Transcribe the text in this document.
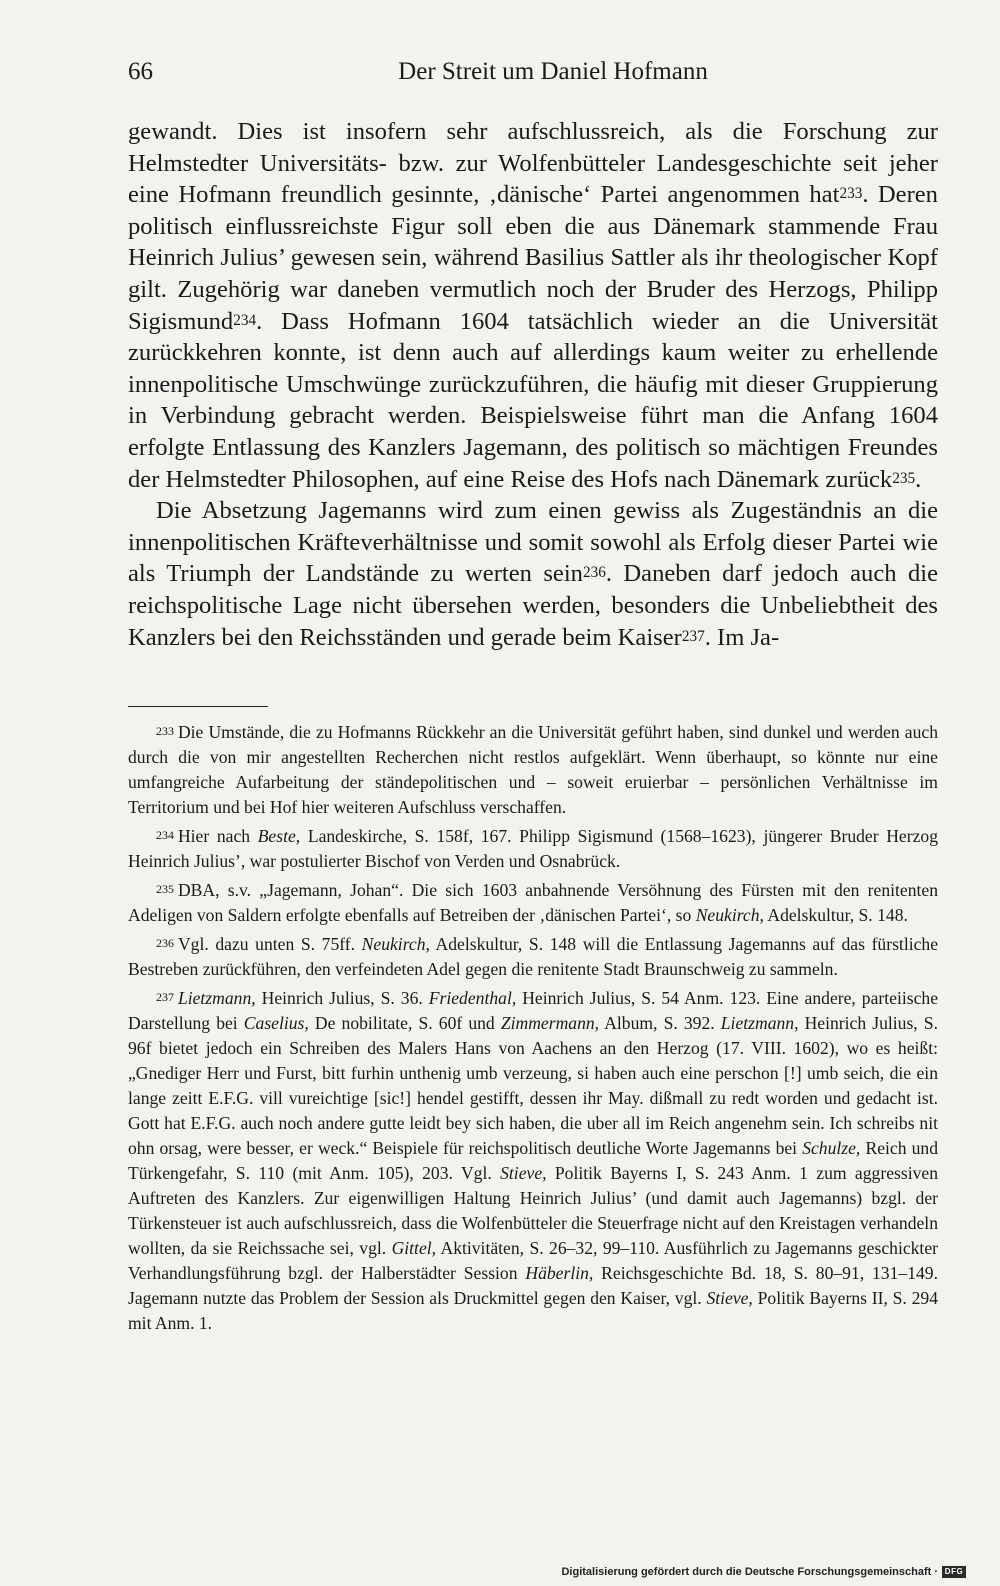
66	Der Streit um Daniel Hofmann

gewandt. Dies ist insofern sehr aufschlussreich, als die Forschung zur Helmstedter Universitäts- bzw. zur Wolfenbütteler Landesgeschichte seit jeher eine Hofmann freundlich gesinnte, ‚dänische‘ Partei angenommen hat$^{233}$. Deren politisch einflussreichste Figur soll eben die aus Dänemark stammende Frau Heinrich Julius’ gewesen sein, während Basilius Sattler als ihr theologischer Kopf gilt. Zugehörig war daneben vermutlich noch der Bruder des Herzogs, Philipp Sigismund$^{234}$. Dass Hofmann 1604 tatsächlich wieder an die Universität zurückkehren konnte, ist denn auch auf allerdings kaum weiter zu erhellende innenpolitische Umschwünge zurückzuführen, die häufig mit dieser Gruppierung in Verbindung gebracht werden. Beispielsweise führt man die Anfang 1604 erfolgte Entlassung des Kanzlers Jagemann, des politisch so mächtigen Freundes der Helmstedter Philosophen, auf eine Reise des Hofs nach Dänemark zurück$^{235}$.

Die Absetzung Jagemanns wird zum einen gewiss als Zugeständnis an die innenpolitischen Kräfteverhältnisse und somit sowohl als Erfolg dieser Partei wie als Triumph der Landstände zu werten sein$^{236}$. Daneben darf jedoch auch die reichspolitische Lage nicht übersehen werden, besonders die Unbeliebtheit des Kanzlers bei den Reichsständen und gerade beim Kaiser$^{237}$. Im Ja-

$^{233}$ Die Umstände, die zu Hofmanns Rückkehr an die Universität geführt haben, sind dunkel und werden auch durch die von mir angestellten Recherchen nicht restlos aufgeklärt. Wenn überhaupt, so könnte nur eine umfangreiche Aufarbeitung der ständepolitischen und – soweit eruierbar – persönlichen Verhältnisse im Territorium und bei Hof hier weiteren Aufschluss verschaffen.

$^{234}$ Hier nach Beste, Landeskirche, S. 158f, 167. Philipp Sigismund (1568–1623), jüngerer Bruder Herzog Heinrich Julius’, war postulierter Bischof von Verden und Osnabrück.

$^{235}$ DBA, s.v. „Jagemann, Johan“. Die sich 1603 anbahnende Versöhnung des Fürsten mit den renitenten Adeligen von Saldern erfolgte ebenfalls auf Betreiben der ‚dänischen Partei‘, so Neukirch, Adelskultur, S. 148.

$^{236}$ Vgl. dazu unten S. 75ff. Neukirch, Adelskultur, S. 148 will die Entlassung Jagemanns auf das fürstliche Bestreben zurückführen, den verfeindeten Adel gegen die renitente Stadt Braunschweig zu sammeln.

$^{237}$ Lietzmann, Heinrich Julius, S. 36. Friedenthal, Heinrich Julius, S. 54 Anm. 123. Eine andere, parteiische Darstellung bei Caselius, De nobilitate, S. 60f und Zimmermann, Album, S. 392. Lietzmann, Heinrich Julius, S. 96f bietet jedoch ein Schreiben des Malers Hans von Aachens an den Herzog (17. VIII. 1602), wo es heißt: „Gnediger Herr und Furst, bitt furhin unthenig umb verzeung, si haben auch eine perschon [!] umb seich, die ein lange zeitt E.F.G. vill vureichtige [sic!] hendel gestifft, dessen ihr May. dißmall zu redt worden und gedacht ist. Gott hat E.F.G. auch noch andere gutte leidt bey sich haben, die uber all im Reich angenehm sein. Ich schreibs nit ohn orsag, were besser, er weck.“ Beispiele für reichspolitisch deutliche Worte Jagemanns bei Schulze, Reich und Türkengefahr, S. 110 (mit Anm. 105), 203. Vgl. Stieve, Politik Bayerns I, S. 243 Anm. 1 zum aggressiven Auftreten des Kanzlers. Zur eigenwilligen Haltung Heinrich Julius’ (und damit auch Jagemanns) bzgl. der Türkensteuer ist auch aufschlussreich, dass die Wolfenbütteler die Steuerfrage nicht auf den Kreistagen verhandeln wollten, da sie Reichssache sei, vgl. Gittel, Aktivitäten, S. 26–32, 99–110. Ausführlich zu Jagemanns geschickter Verhandlungsführung bzgl. der Halberstädter Session Häberlin, Reichsgeschichte Bd. 18, S. 80–91, 131–149. Jagemann nutzte das Problem der Session als Druckmittel gegen den Kaiser, vgl. Stieve, Politik Bayerns II, S. 294 mit Anm. 1.

Digitalisierung gefördert durch die Deutsche Forschungsgemeinschaft · DFG
